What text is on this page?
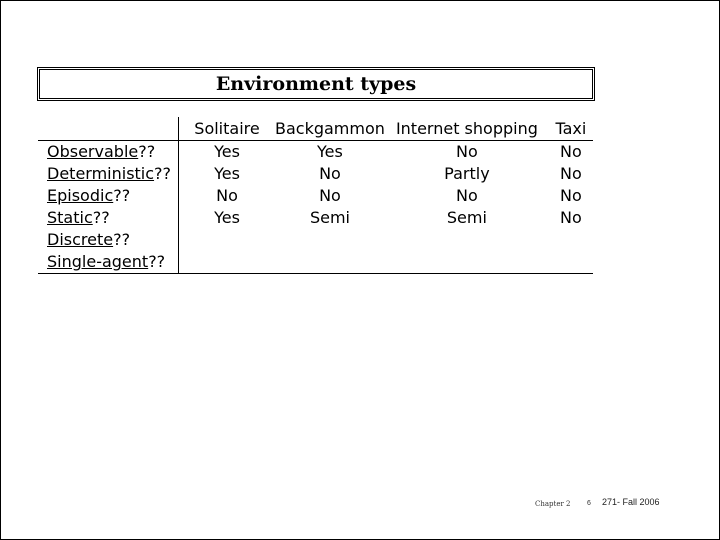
Environment types
	Solitaire	Backgammon	Internet shopping	Taxi
Observable??	Yes	Yes	No	No
Deterministic??	Yes	No	Partly	No
Episodic??	No	No	No	No
Static??	Yes	Semi	Semi	No
Discrete??				
Single-agent??				
Chapter 2 6 271- Fall 2006
